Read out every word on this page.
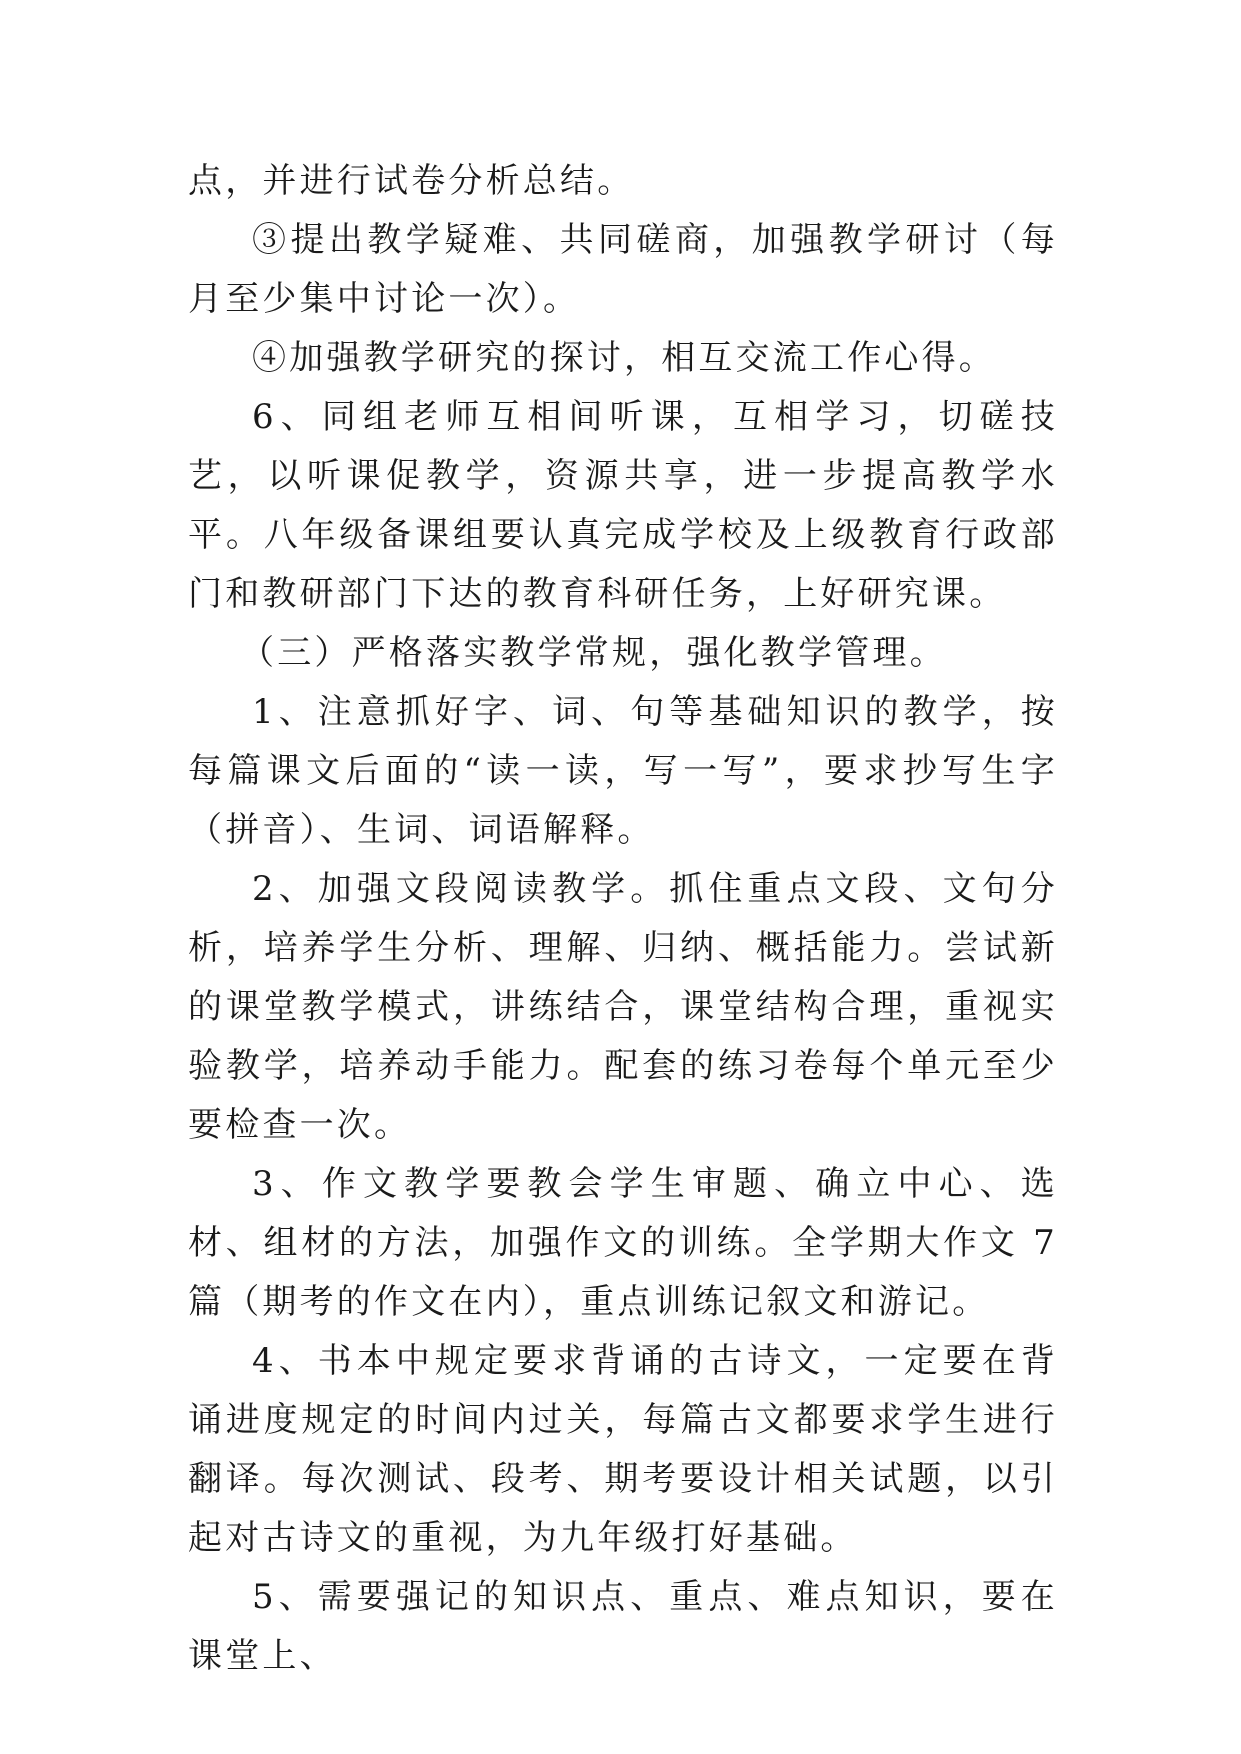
点，并进行试卷分析总结。

③提出教学疑难、共同磋商，加强教学研讨（每月至少集中讨论一次）。

④加强教学研究的探讨，相互交流工作心得。

6、同组老师互相间听课，互相学习，切磋技艺，以听课促教学，资源共享，进一步提高教学水平。八年级备课组要认真完成学校及上级教育行政部门和教研部门下达的教育科研任务，上好研究课。

（三）严格落实教学常规，强化教学管理。

1、注意抓好字、词、句等基础知识的教学，按每篇课文后面的“读一读，写一写”，要求抄写生字（拼音）、生词、词语解释。

2、加强文段阅读教学。抓住重点文段、文句分析，培养学生分析、理解、归纳、概括能力。尝试新的课堂教学模式，讲练结合，课堂结构合理，重视实验教学，培养动手能力。配套的练习卷每个单元至少要检查一次。

3、作文教学要教会学生审题、确立中心、选材、组材的方法，加强作文的训练。全学期大作文 7 篇（期考的作文在内），重点训练记叙文和游记。

4、书本中规定要求背诵的古诗文，一定要在背诵进度规定的时间内过关，每篇古文都要求学生进行翻译。每次测试、段考、期考要设计相关试题，以引起对古诗文的重视，为九年级打好基础。

5、需要强记的知识点、重点、难点知识，要在课堂上、
